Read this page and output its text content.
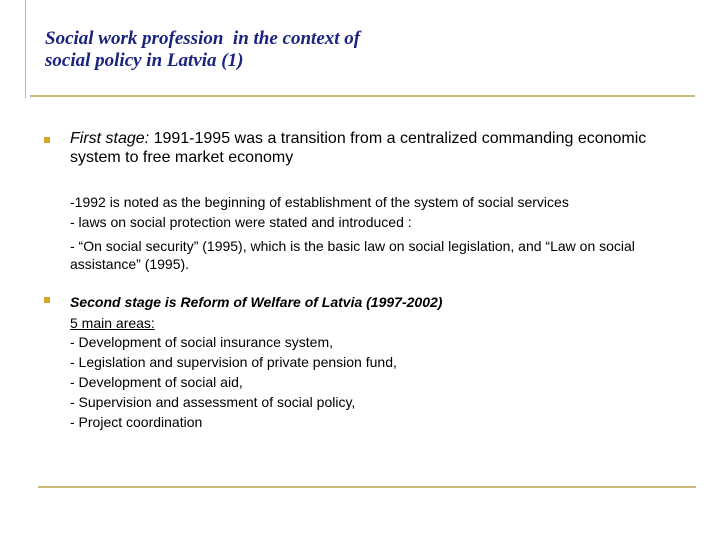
Social work profession  in the context of
social policy in Latvia (1)
First stage: 1991-1995 was a transition from a centralized commanding economic system to free market economy
-1992 is noted as the beginning of establishment of the system of social services
- laws on social protection were stated and introduced :
- “On social security” (1995), which is the basic law on social legislation, and “Law on social assistance” (1995).
Second stage is Reform of Welfare of Latvia (1997-2002)
5 main areas:
- Development of social insurance system,
- Legislation and supervision of private pension fund,
- Development of social aid,
- Supervision and assessment of social policy,
- Project coordination
